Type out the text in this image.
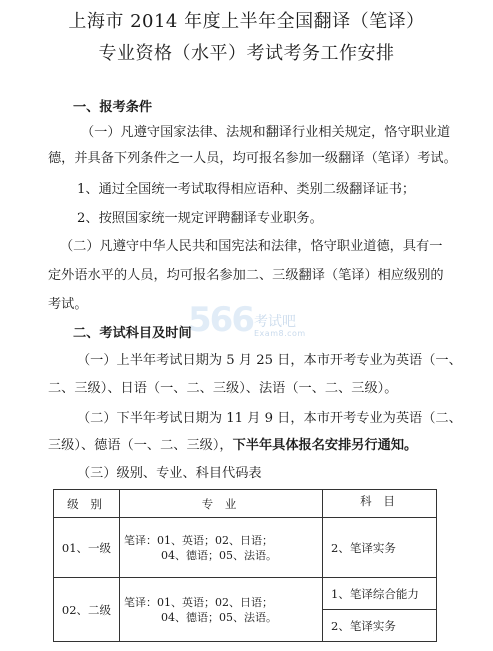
上海市 2014 年度上半年全国翻译（笔译）
专业资格（水平）考试考务工作安排
一、报考条件
（一）凡遵守国家法律、法规和翻译行业相关规定，恪守职业道
德，并具备下列条件之一人员，均可报名参加一级翻译（笔译）考试。
1、通过全国统一考试取得相应语种、类别二级翻译证书；
2、按照国家统一规定评聘翻译专业职务。
（二）凡遵守中华人民共和国宪法和法律，恪守职业道德，具有一
定外语水平的人员，均可报名参加二、三级翻译（笔译）相应级别的
考试。	566 考试吧
Exam8.com
二、考试科目及时间
（一）上半年考试日期为 5 月 25 日，本市开考专业为英语（一、
二、三级）、日语（一、二、三级）、法语（一、二、三级）。
（二）下半年考试日期为 11 月 9 日，本市开考专业为英语（二、
三级）、德语（一、二、三级），下半年具体报名安排另行通知。
（三）级别、专业、科目代码表
级 别	专 业	科 目
01、一级	笔译：01、英语；02、日语；
04、德语；05、法语。	2、笔译实务
02、二级	笔译：01、英语；02、日语；
04、德语；05、法语。	1、笔译综合能力
		2、笔译实务
